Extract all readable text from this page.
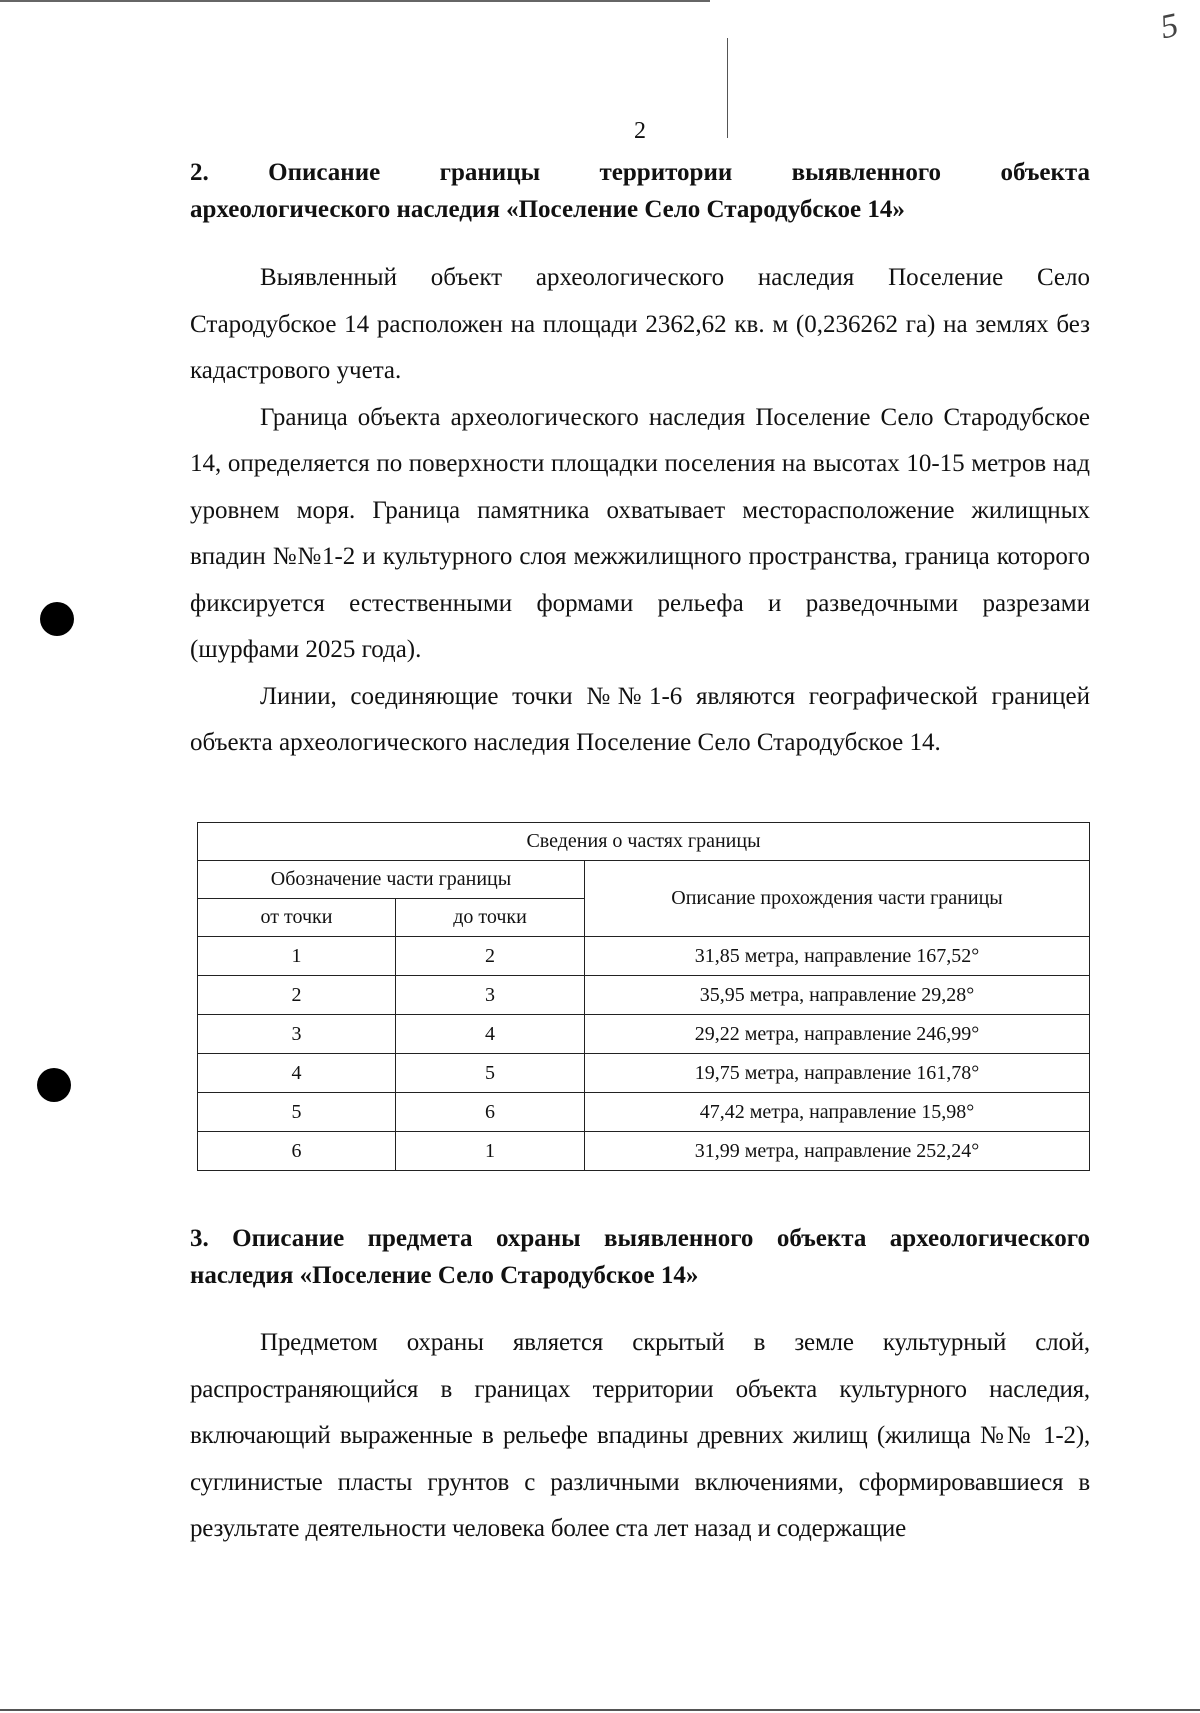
5
2
2. Описание границы территории выявленного объекта
археологического наследия «Поселение Село Стародубское 14»

Выявленный объект археологического наследия Поселение Село Стародубское 14 расположен на площади 2362,62 кв. м (0,236262 га) на землях без кадастрового учета.

Граница объекта археологического наследия Поселение Село Стародубское 14, определяется по поверхности площадки поселения на высотах 10-15 метров над уровнем моря. Граница памятника охватывает месторасположение жилищных впадин №№1-2 и культурного слоя межжилищного пространства, граница которого фиксируется естественными формами рельефа и разведочными разрезами (шурфами 2025 года).

Линии, соединяющие точки №№1-6 являются географической границей объекта археологического наследия Поселение Село Стародубское 14.

Сведения о частях границы		
Обозначение части границы		Описание прохождения части границы
от точки	до точки	
1	2	31,85 метра, направление 167,52°
2	3	35,95 метра, направление 29,28°
3	4	29,22 метра, направление 246,99°
4	5	19,75 метра, направление 161,78°
5	6	47,42 метра, направление 15,98°
6	1	31,99 метра, направление 252,24°
3. Описание предмета охраны выявленного объекта археологического
наследия «Поселение Село Стародубское 14»

Предметом охраны является скрытый в земле культурный слой, распространяющийся в границах территории объекта культурного наследия, включающий выраженные в рельефе впадины древних жилищ (жилища №№ 1-2), суглинистые пласты грунтов с различными включениями, сформировавшиеся в результате деятельности человека более ста лет назад и содержащие
